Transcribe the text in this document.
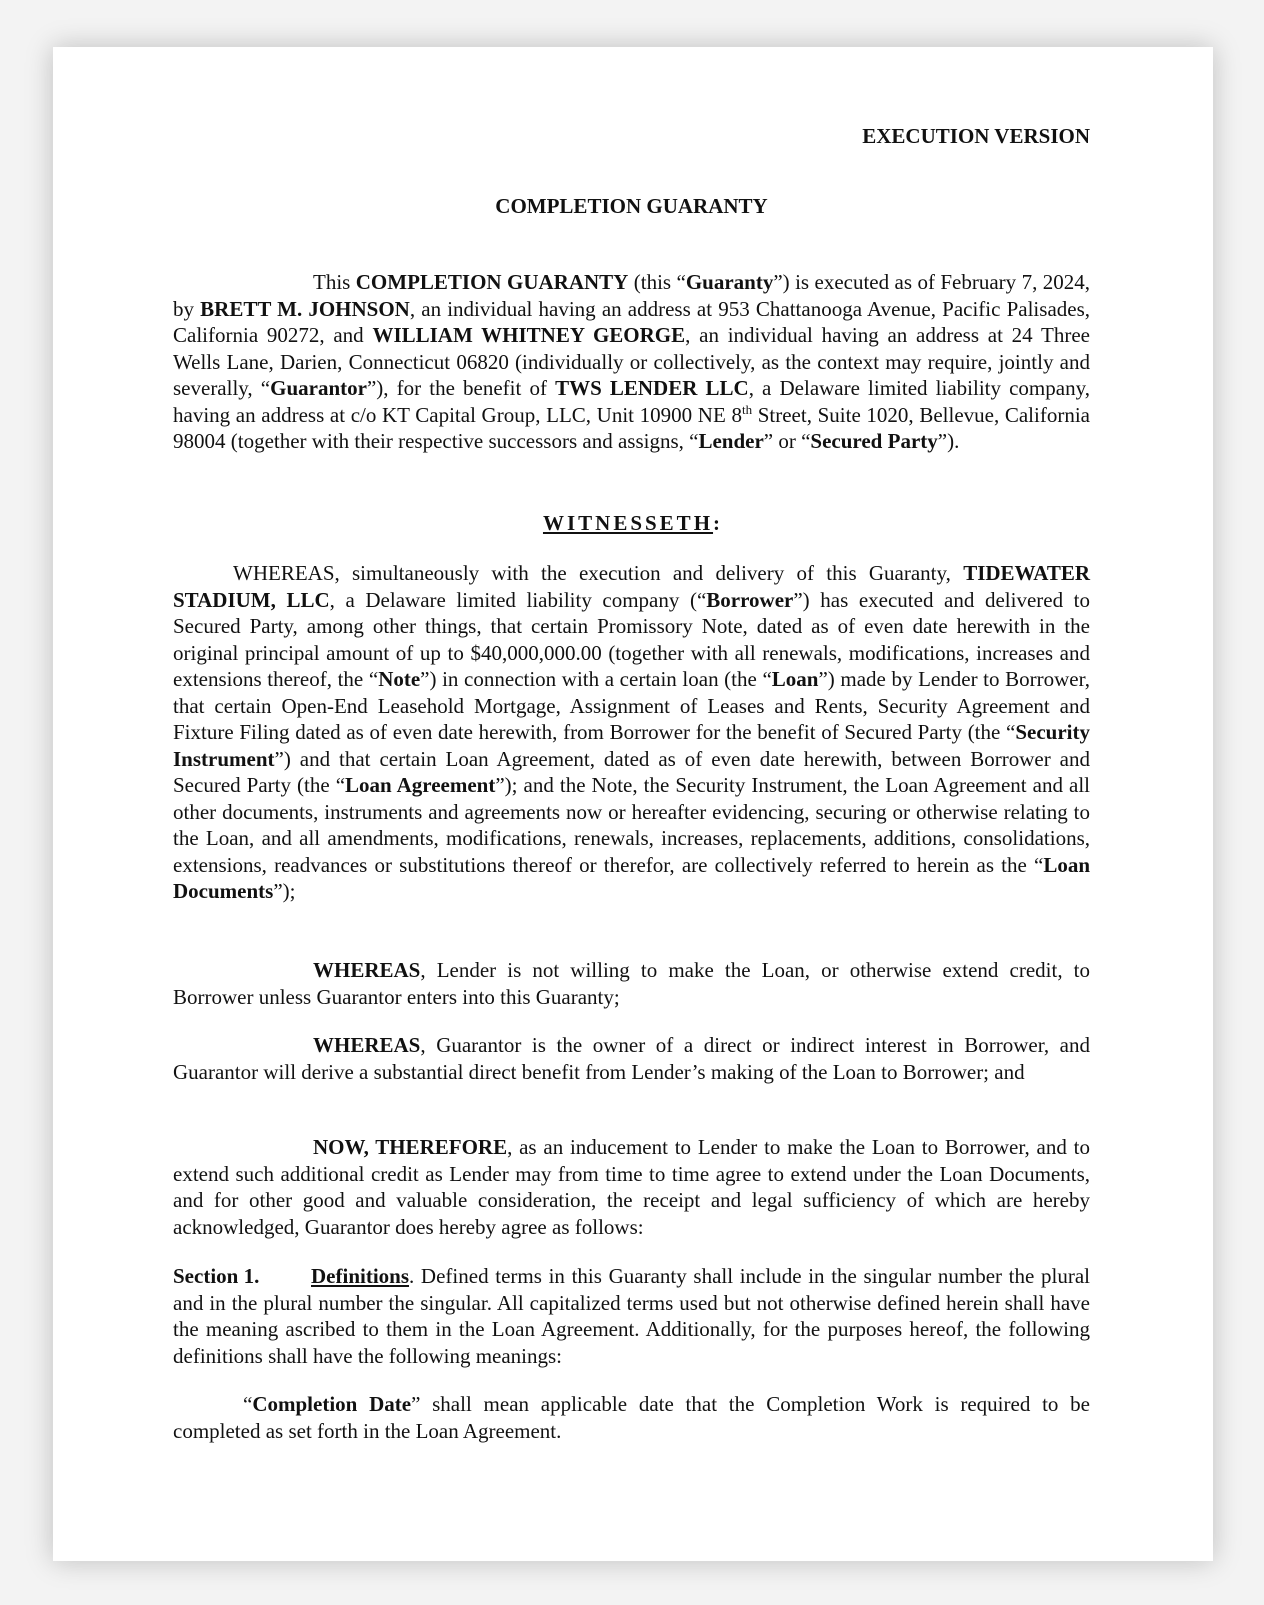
EXECUTION VERSION
COMPLETION GUARANTY

This COMPLETION GUARANTY (this “Guaranty”) is executed as of February 7, 2024, by BRETT M. JOHNSON, an individual having an address at 953 Chattanooga Avenue, Pacific Palisades, California 90272, and WILLIAM WHITNEY GEORGE, an individual having an address at 24 Three Wells Lane, Darien, Connecticut 06820 (individually or collectively, as the context may require, jointly and severally, “Guarantor”), for the benefit of TWS LENDER LLC, a Delaware limited liability company, having an address at c/o KT Capital Group, LLC, Unit 10900 NE 8th Street, Suite 1020, Bellevue, California 98004 (together with their respective successors and assigns, “Lender” or “Secured Party”).

WITNESSETH:

WHEREAS, simultaneously with the execution and delivery of this Guaranty, TIDEWATER STADIUM, LLC, a Delaware limited liability company (“Borrower”) has executed and delivered to Secured Party, among other things, that certain Promissory Note, dated as of even date herewith in the original principal amount of up to $40,000,000.00 (together with all renewals, modifications, increases and extensions thereof, the “Note”) in connection with a certain loan (the “Loan”) made by Lender to Borrower, that certain Open-End Leasehold Mortgage, Assignment of Leases and Rents, Security Agreement and Fixture Filing dated as of even date herewith, from Borrower for the benefit of Secured Party (the “Security Instrument”) and that certain Loan Agreement, dated as of even date herewith, between Borrower and Secured Party (the “Loan Agreement”); and the Note, the Security Instrument, the Loan Agreement and all other documents, instruments and agreements now or hereafter evidencing, securing or otherwise relating to the Loan, and all amendments, modifications, renewals, increases, replacements, additions, consolidations, extensions, readvances or substitutions thereof or therefor, are collectively referred to herein as the “Loan Documents”);

WHEREAS, Lender is not willing to make the Loan, or otherwise extend credit, to Borrower unless Guarantor enters into this Guaranty;

WHEREAS, Guarantor is the owner of a direct or indirect interest in Borrower, and Guarantor will derive a substantial direct benefit from Lender’s making of the Loan to Borrower; and

NOW, THEREFORE, as an inducement to Lender to make the Loan to Borrower, and to extend such additional credit as Lender may from time to time agree to extend under the Loan Documents, and for other good and valuable consideration, the receipt and legal sufficiency of which are hereby acknowledged, Guarantor does hereby agree as follows:

Section 1. Definitions. Defined terms in this Guaranty shall include in the singular number the plural and in the plural number the singular. All capitalized terms used but not otherwise defined herein shall have the meaning ascribed to them in the Loan Agreement. Additionally, for the purposes hereof, the following definitions shall have the following meanings:

“Completion Date” shall mean applicable date that the Completion Work is required to be completed as set forth in the Loan Agreement.
